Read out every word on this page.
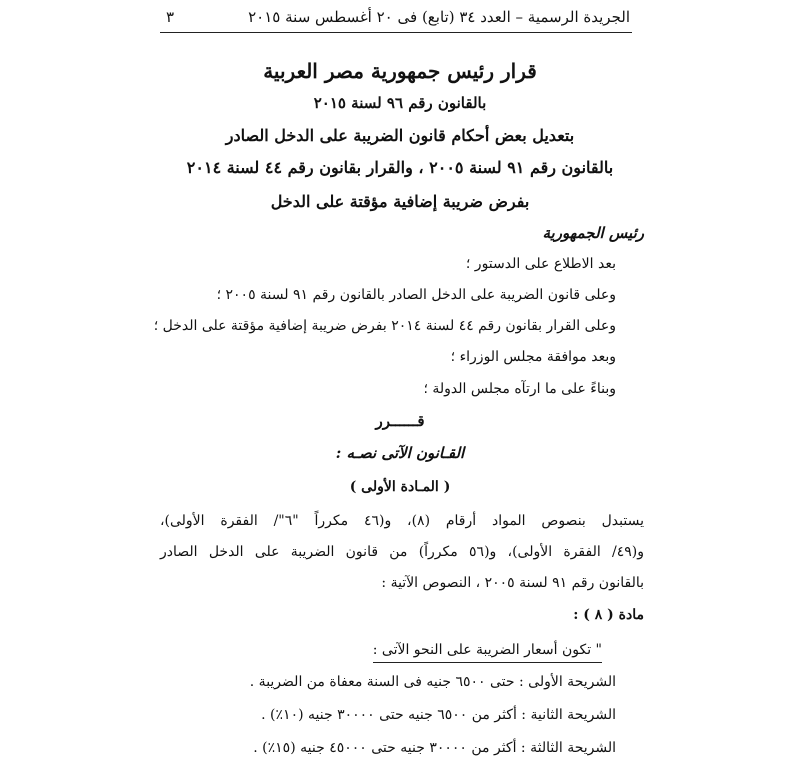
الجريدة الرسمية – العدد ٣٤ (تابع) فى ٢٠ أغسطس سنة ٢٠١٥
٣
قرار رئيس جمهورية مصر العربية
بالقانون رقم ٩٦ لسنة ٢٠١٥
بتعديل بعض أحكام قانون الضريبة على الدخل الصادر
بالقانون رقم ٩١ لسنة ٢٠٠٥ ، والقرار بقانون رقم ٤٤ لسنة ٢٠١٤
بفرض ضريبة إضافية مؤقتة على الدخل
رئيس الجمهورية
بعد الاطلاع على الدستور ؛
وعلى قانون الضريبة على الدخل الصادر بالقانون رقم ٩١ لسنة ٢٠٠٥ ؛
وعلى القرار بقانون رقم ٤٤ لسنة ٢٠١٤ بفرض ضريبة إضافية مؤقتة على الدخل ؛
وبعد موافقة مجلس الوزراء ؛
وبناءً على ما ارتآه مجلس الدولة ؛
قــــــرر
القـانون الآتى نصـه :
( المـادة الأولى )
يستبدل بنصوص المواد أرقام (٨)، و(٤٦ مكرراً "٦"/ الفقرة الأولى)،
و(٤٩/ الفقرة الأولى)، و(٥٦ مكرراً) من قانون الضريبة على الدخل الصادر
بالقانون رقم ٩١ لسنة ٢٠٠٥ ، النصوص الآتية :
مادة ( ٨ ) :
" تكون أسعار الضريبة على النحو الآتى :
الشريحة الأولى : حتى ٦٥٠٠ جنيه فى السنة معفاة من الضريبة .
الشريحة الثانية : أكثر من ٦٥٠٠ جنيه حتى ٣٠٠٠٠ جنيه (١٠٪) .
الشريحة الثالثة : أكثر من ٣٠٠٠٠ جنيه حتى ٤٥٠٠٠ جنيه (١٥٪) .
